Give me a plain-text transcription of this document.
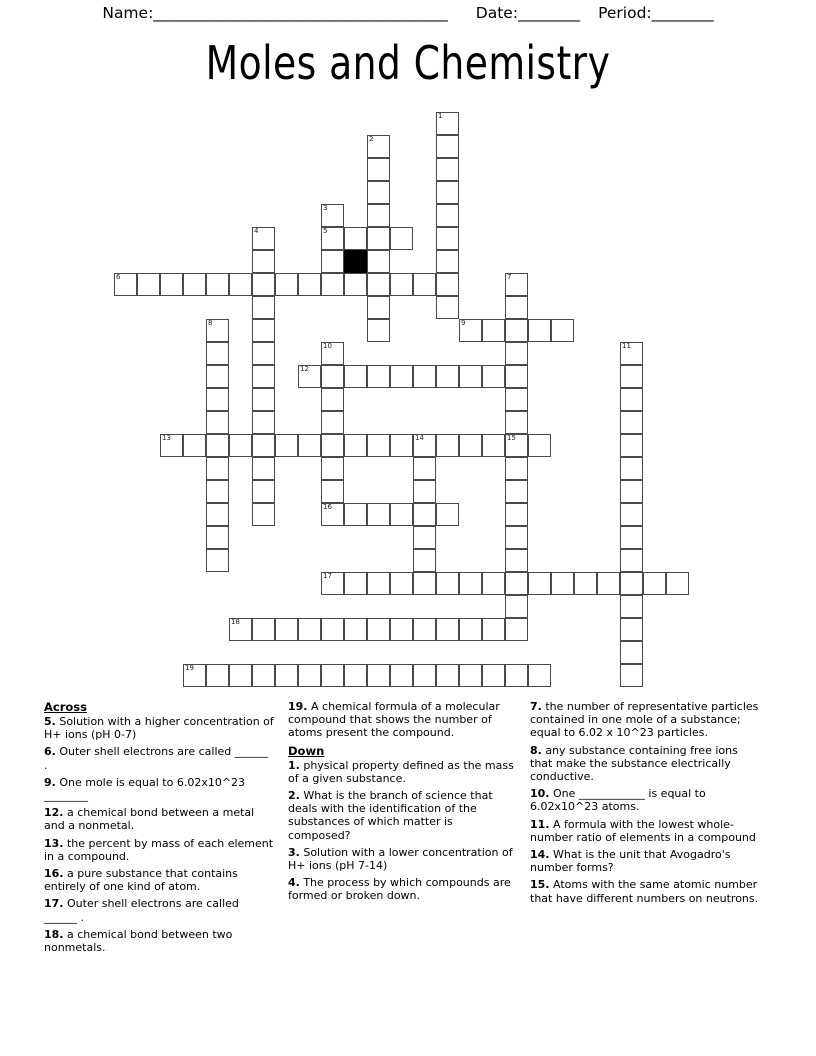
Name: ______________________________________ Date: ________ Period: ________
Moles and Chemistry
1
2
3
5
4
6	7
8	9
10
16
11
12
13	14	15
17
18
19
Across
5. Solution with a higher concentration of H+ ions (pH 0-7)
6. Outer shell electrons are called ______ .
9. One mole is equal to 6.02x10^23 ________
12. a chemical bond between a metal and a nonmetal.
13. the percent by mass of each element in a compound.
16. a pure substance that contains entirely of one kind of atom.
17. Outer shell electrons are called ______ .
18. a chemical bond between two nonmetals.
19. A chemical formula of a molecular compound that shows the number of atoms present the compound.
Down
1. physical property defined as the mass of a given substance.
2. What is the branch of science that deals with the identification of the substances of which matter is composed?
3. Solution with a lower concentration of H+ ions (pH 7-14)
4. The process by which compounds are formed or broken down.
7. the number of representative particles contained in one mole of a substance; equal to 6.02 x 10^23 particles.
8. any substance containing free ions that make the substance electrically conductive.
10. One ____________ is equal to 6.02x10^23 atoms.
11. A formula with the lowest whole-number ratio of elements in a compound
14. What is the unit that Avogadro's number forms?
15. Atoms with the same atomic number that have different numbers on neutrons.
